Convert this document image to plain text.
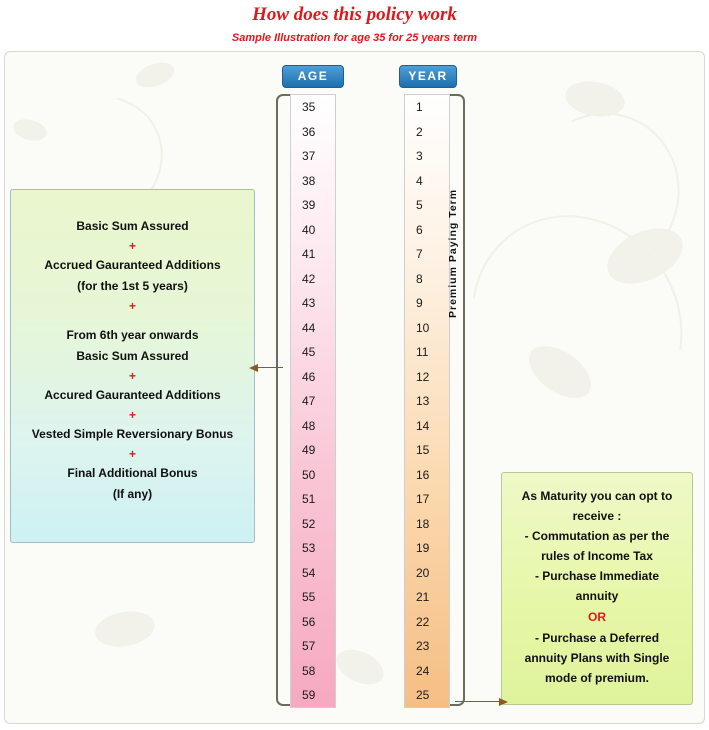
How does this policy work
Sample Illustration for age 35 for 25 years term
AGE	YEAR
35
36
37
38
39
40
41
42
43
44
45
46
47
48
49
50
51
52
53
54
55
56
57
58
59
1
2
3
4
5
6
7
8
9
10
11
12
13
14
15
16
17
18
19
20
21
22
23
24
25
Premium Paying Term
Basic Sum Assured
+
Accrued Gauranteed Additions
(for the 1st 5 years)
+
From 6th year onwards
Basic Sum Assured
+
Accured Gauranteed Additions
+
Vested Simple Reversionary Bonus
+
Final Additional Bonus
(If any)	As Maturity you can opt to
receive :
- Commutation as per the
rules of Income Tax
- Purchase Immediate
annuity
OR
- Purchase a Deferred
annuity Plans with Single
mode of premium.
